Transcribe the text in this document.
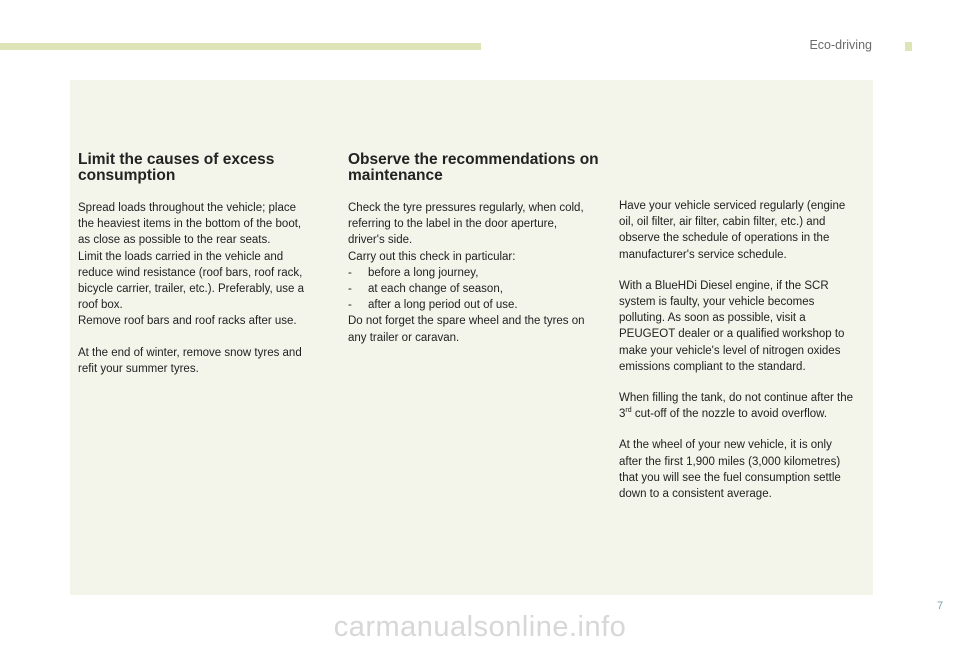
Eco-driving
Limit the causes of excess consumption

Spread loads throughout the vehicle; place
the heaviest items in the bottom of the boot,
as close as possible to the rear seats.
Limit the loads carried in the vehicle and
reduce wind resistance (roof bars, roof rack,
bicycle carrier, trailer, etc.). Preferably, use a
roof box.
Remove roof bars and roof racks after use.

At the end of winter, remove snow tyres and
refit your summer tyres.

Observe the recommendations on maintenance

Check the tyre pressures regularly, when cold,
referring to the label in the door aperture,
driver's side.
Carry out this check in particular:
- before a long journey,
- at each change of season,
- after a long period out of use.
Do not forget the spare wheel and the tyres on
any trailer or caravan.

Have your vehicle serviced regularly (engine
oil, oil filter, air filter, cabin filter, etc.) and
observe the schedule of operations in the
manufacturer's service schedule.

With a BlueHDi Diesel engine, if the SCR
system is faulty, your vehicle becomes
polluting. As soon as possible, visit a
PEUGEOT dealer or a qualified workshop to
make your vehicle's level of nitrogen oxides
emissions compliant to the standard.

When filling the tank, do not continue after the
3rd cut-off of the nozzle to avoid overflow.

At the wheel of your new vehicle, it is only
after the first 1,900 miles (3,000 kilometres)
that you will see the fuel consumption settle
down to a consistent average.

7
carmanualsonline.info
